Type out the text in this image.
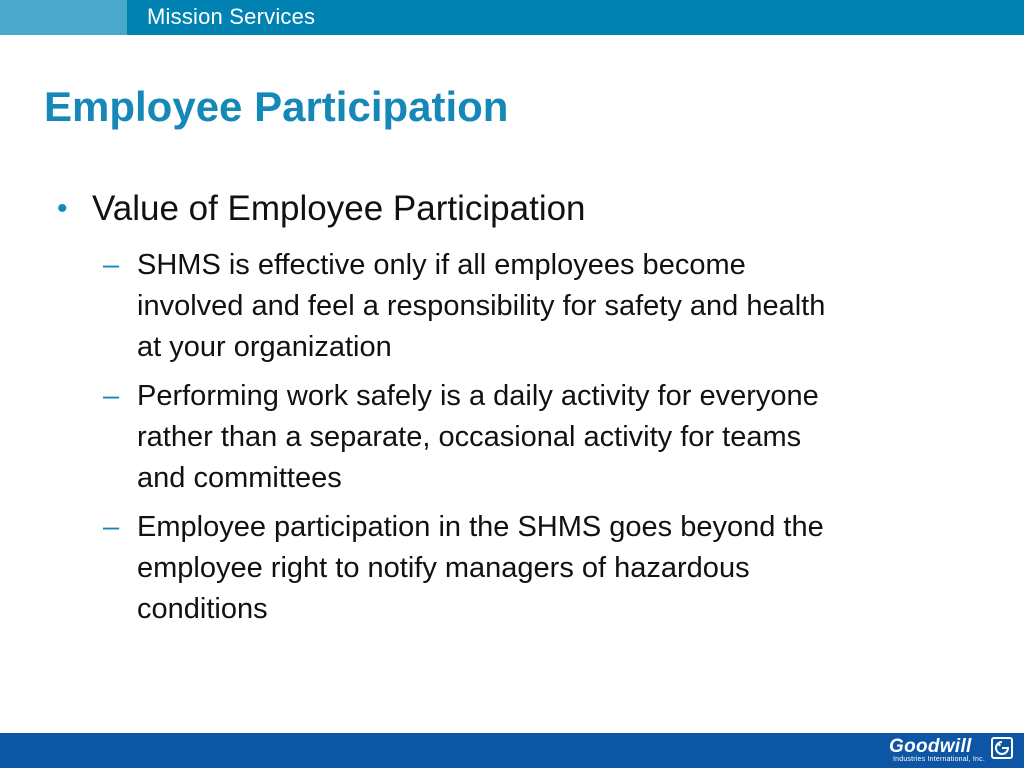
Mission Services
Employee Participation
• Value of Employee Participation
– SHMS is effective only if all employees become
involved and feel a responsibility for safety and health
at your organization
– Performing work safely is a daily activity for everyone
rather than a separate, occasional activity for teams
and committees
– Employee participation in the SHMS goes beyond the
employee right to notify managers of hazardous
conditions
Goodwill
Industries International, Inc.
